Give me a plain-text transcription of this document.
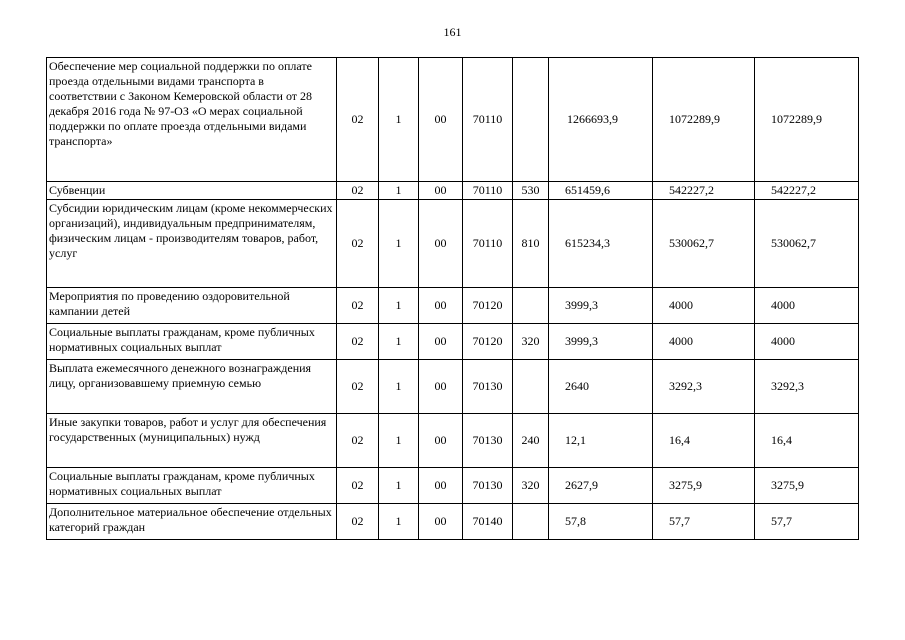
161
Обеспечение мер социальной поддержки по оплате проезда отдельными видами транспорта в соответствии с Законом Кемеровской области от 28 декабря 2016 года № 97-ОЗ «О мерах социальной поддержки по оплате проезда отдельными видами транспорта»	02	1	00	70110		1266693,9	1072289,9	1072289,9
Субвенции	02	1	00	70110	530	651459,6	542227,2	542227,2
Субсидии юридическим лицам (кроме некоммерческих организаций), индивидуальным предпринимателям, физическим лицам - производителям товаров, работ, услуг	02	1	00	70110	810	615234,3	530062,7	530062,7
Мероприятия по проведению оздоровительной кампании детей	02	1	00	70120		3999,3	4000	4000
Социальные выплаты гражданам, кроме публичных нормативных социальных выплат	02	1	00	70120	320	3999,3	4000	4000
Выплата ежемесячного денежного вознаграждения лицу, организовавшему приемную семью	02	1	00	70130		2640	3292,3	3292,3
Иные закупки товаров, работ и услуг для обеспечения государственных (муниципальных) нужд	02	1	00	70130	240	12,1	16,4	16,4
Социальные выплаты гражданам, кроме публичных нормативных социальных выплат	02	1	00	70130	320	2627,9	3275,9	3275,9
Дополнительное материальное обеспечение отдельных категорий граждан	02	1	00	70140		57,8	57,7	57,7
